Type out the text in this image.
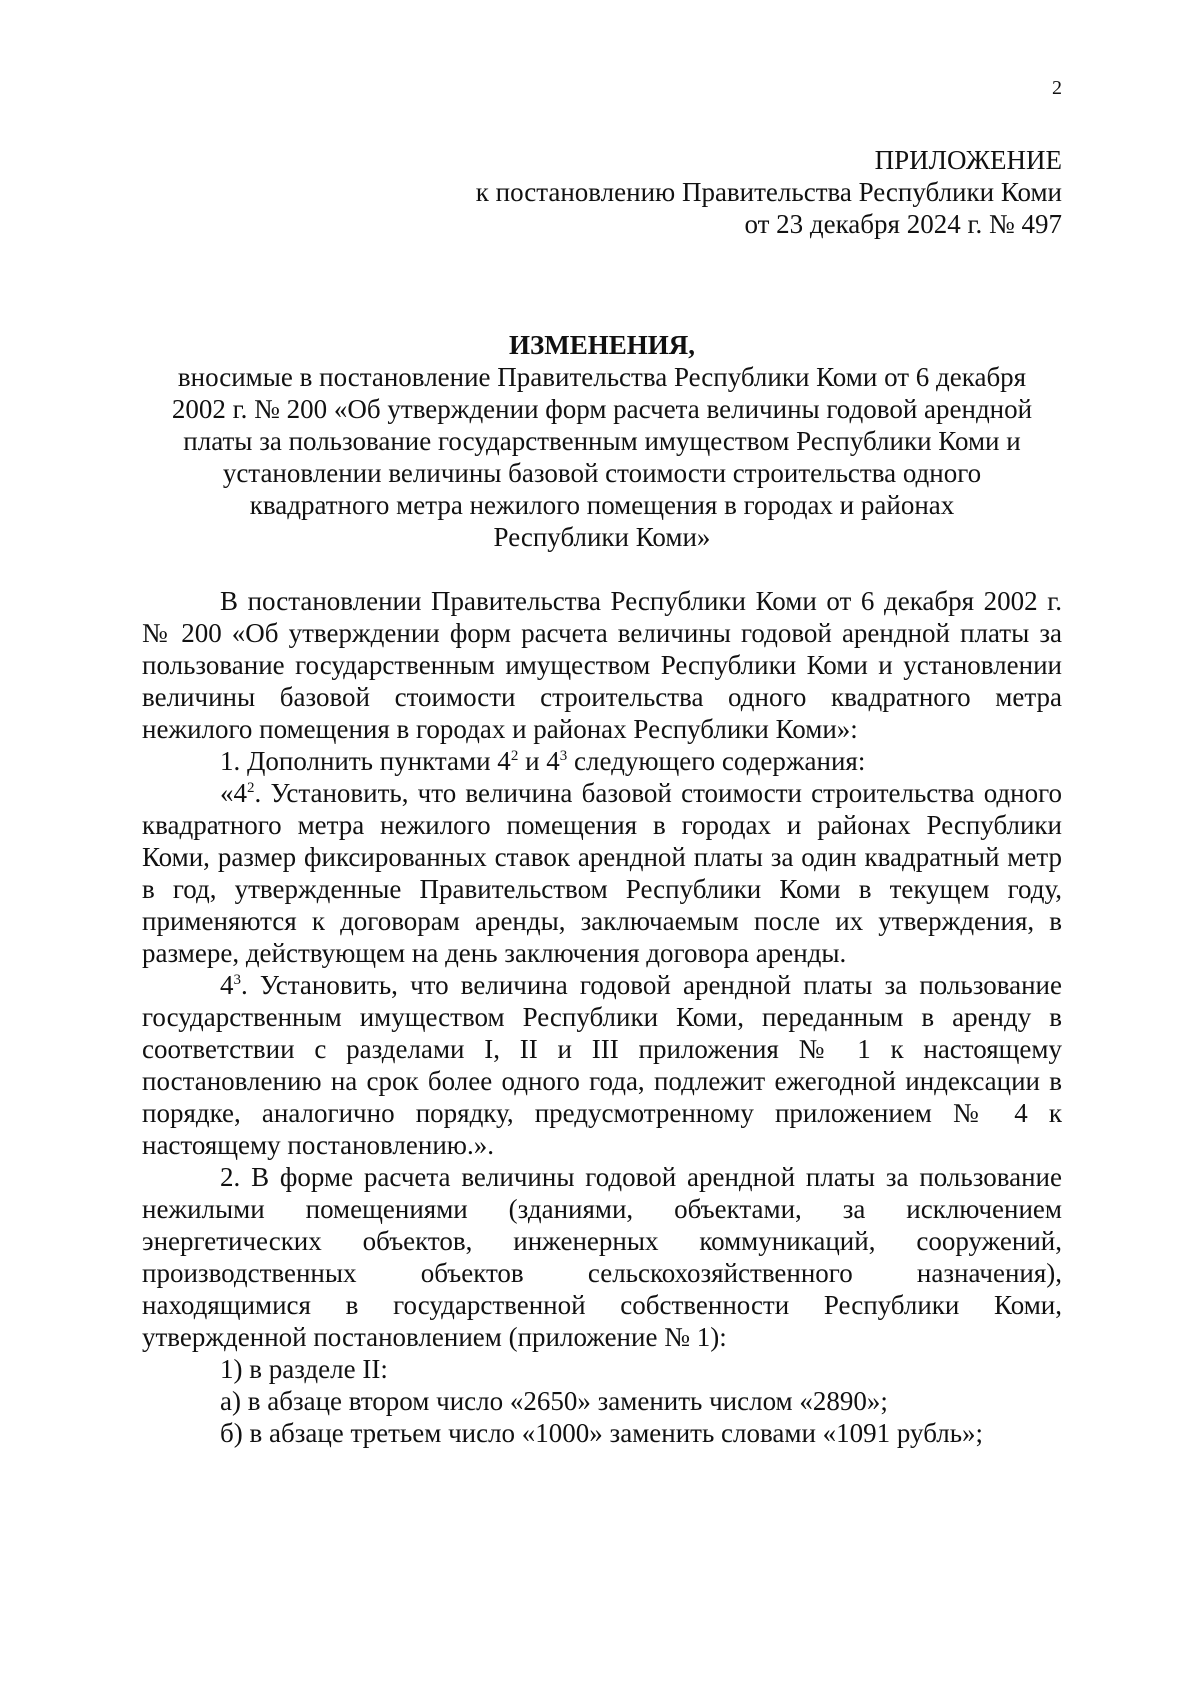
2
ПРИЛОЖЕНИЕ
к постановлению Правительства Республики Коми
от 23 декабря 2024 г. № 497
ИЗМЕНЕНИЯ,
вносимые в постановление Правительства Республики Коми от 6 декабря
2002 г. № 200 «Об утверждении форм расчета величины годовой арендной
платы за пользование государственным имуществом Республики Коми и
установлении величины базовой стоимости строительства одного
квадратного метра нежилого помещения в городах и районах
Республики Коми»

В постановлении Правительства Республики Коми от 6 декабря 2002 г. № 200 «Об утверждении форм расчета величины годовой арендной платы за пользование государственным имуществом Республики Коми и установлении величины базовой стоимости строительства одного квадратного метра нежилого помещения в городах и районах Республики Коми»:

1. Дополнить пунктами $4^2$ и $4^3$ следующего содержания:

«$4^2$. Установить, что величина базовой стоимости строительства одного квадратного метра нежилого помещения в городах и районах Республики Коми, размер фиксированных ставок арендной платы за один квадратный метр в год, утвержденные Правительством Республики Коми в текущем году, применяются к договорам аренды, заключаемым после их утверждения, в размере, действующем на день заключения договора аренды.

$4^3$. Установить, что величина годовой арендной платы за пользование государственным имуществом Республики Коми, переданным в аренду в соответствии с разделами I, II и III приложения № 1 к настоящему постановлению на срок более одного года, подлежит ежегодной индексации в порядке, аналогично порядку, предусмотренному приложением № 4 к настоящему постановлению.».

2. В форме расчета величины годовой арендной платы за пользование нежилыми помещениями (зданиями, объектами, за исключением энергетических объектов, инженерных коммуникаций, сооружений, производственных объектов сельскохозяйственного назначения), находящимися в государственной собственности Республики Коми, утвержденной постановлением (приложение № 1):

1) в разделе II:

а) в абзаце втором число «2650» заменить числом «2890»;

б) в абзаце третьем число «1000» заменить словами «1091 рубль»;
